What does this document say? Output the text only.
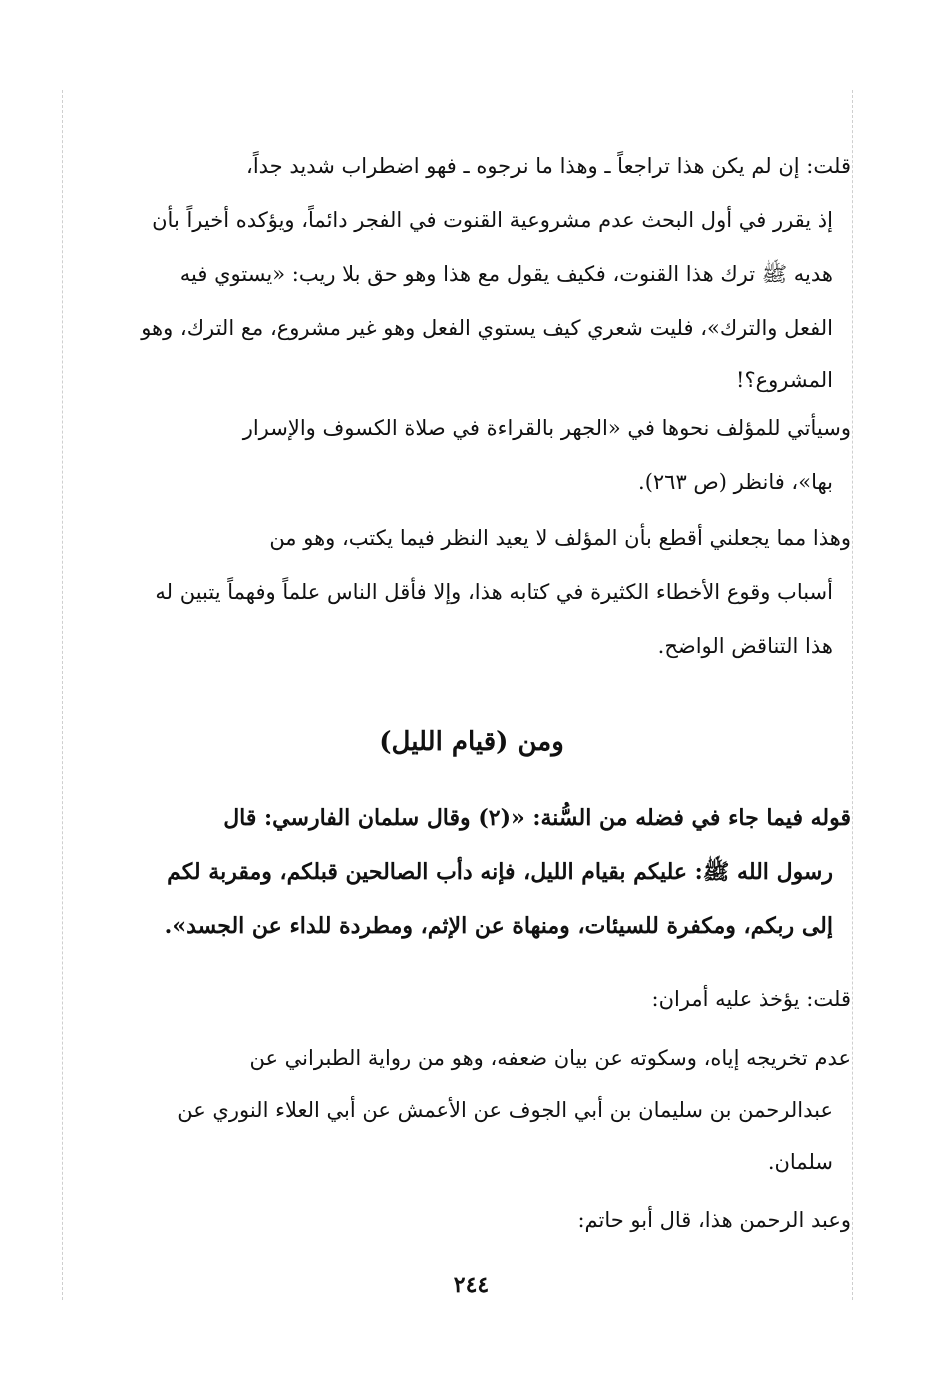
قلت: إن لم يكن هذا تراجعاً ـ وهذا ما نرجوه ـ فهو اضطراب شديد جداً،
إذ يقرر في أول البحث عدم مشروعية القنوت في الفجر دائماً، ويؤكده أخيراً بأن
هديه ﷺ ترك هذا القنوت، فكيف يقول مع هذا وهو حق بلا ريب: «يستوي فيه
الفعل والترك»، فليت شعري كيف يستوي الفعل وهو غير مشروع، مع الترك، وهو
المشروع؟!
وسيأتي للمؤلف نحوها في «الجهر بالقراءة في صلاة الكسوف والإسرار
بها»، فانظر (ص ٢٦٣).
وهذا مما يجعلني أقطع بأن المؤلف لا يعيد النظر فيما يكتب، وهو من
أسباب وقوع الأخطاء الكثيرة في كتابه هذا، وإلا فأقل الناس علماً وفهماً يتبين له
هذا التناقض الواضح.
ومن (قيام الليل)
قوله فيما جاء في فضله من السُّنة: «(٢) وقال سلمان الفارسي: قال
رسول الله ﷺ: عليكم بقيام الليل، فإنه دأب الصالحين قبلكم، ومقربة لكم
إلى ربكم، ومكفرة للسيئات، ومنهاة عن الإثم، ومطردة للداء عن الجسد».
قلت: يؤخذ عليه أمران:
عدم تخريجه إياه، وسكوته عن بيان ضعفه، وهو من رواية الطبراني عن
عبدالرحمن بن سليمان بن أبي الجوف عن الأعمش عن أبي العلاء النوري عن
سلمان.
وعبد الرحمن هذا، قال أبو حاتم:
٢٤٤
